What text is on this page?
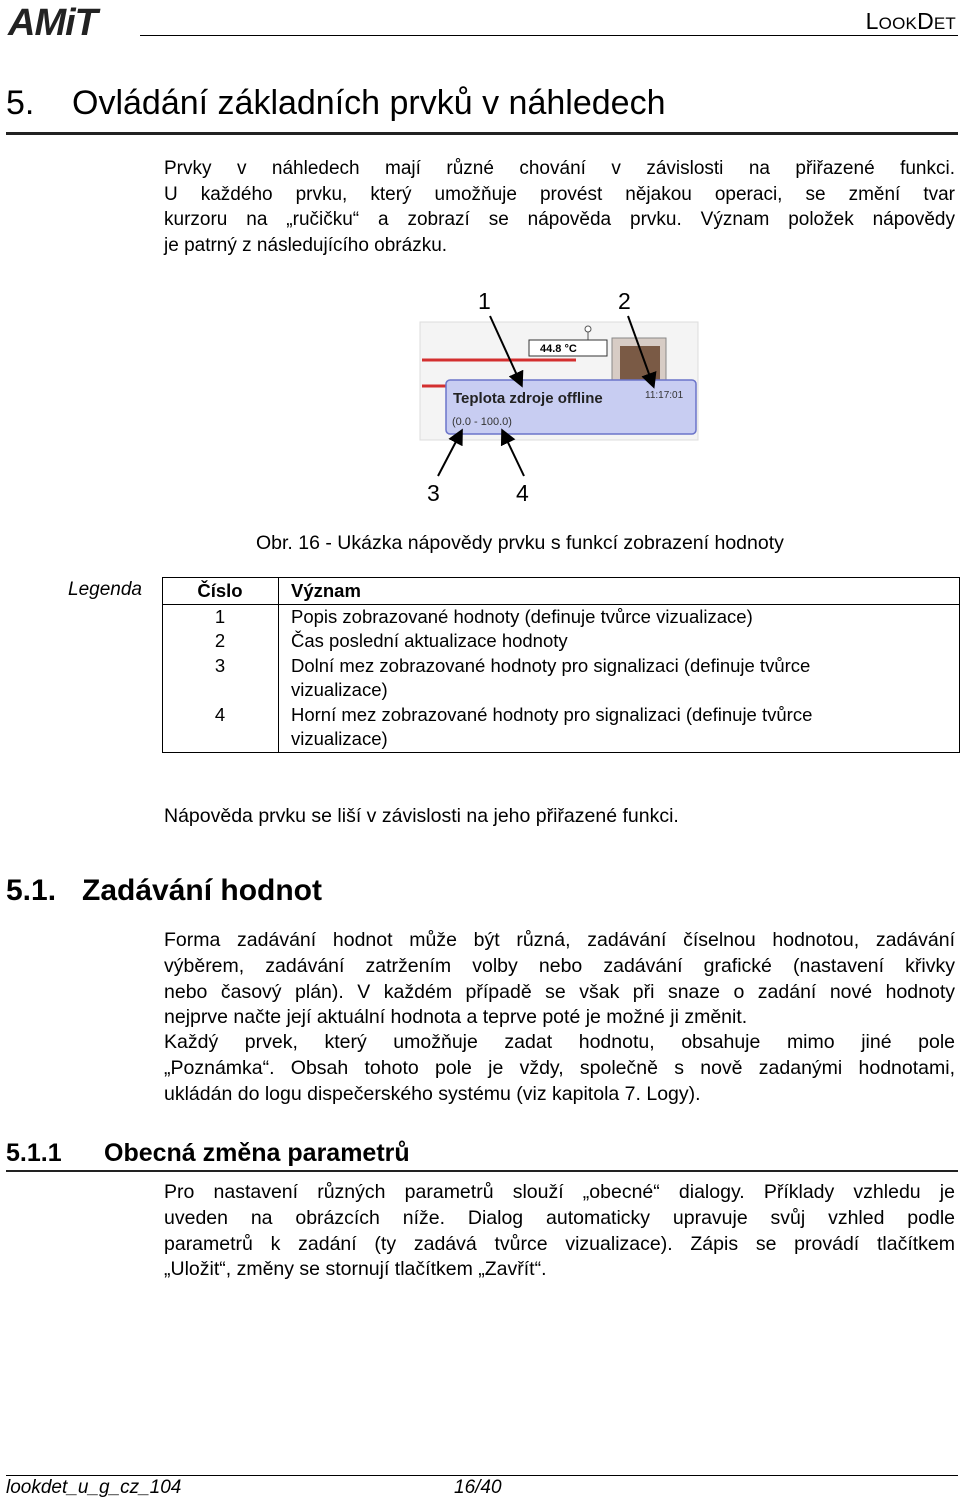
AMiT	LOOKDET
5. Ovládání základních prvků v náhledech
Prvky v náhledech mají různé chování v závislosti na přiřazené funkci.
U každého prvku, který umožňuje provést nějakou operaci, se změní tvar
kurzoru na „ručičku“ a zobrazí se nápověda prvku. Význam položek nápovědy
je patrný z následujícího obrázku.
44.8 °C
Teplota zdroje offline	11:17:01
(0.0 - 100.0)
1	2
3	4
Obr. 16 - Ukázka nápovědy prvku s funkcí zobrazení hodnoty
Legenda	Číslo	Význam
1	Popis zobrazované hodnoty (definuje tvůrce vizualizace)
2	Čas poslední aktualizace hodnoty
3	Dolní mez zobrazované hodnoty pro signalizaci (definuje tvůrce vizualizace)
4	Horní mez zobrazované hodnoty pro signalizaci (definuje tvůrce vizualizace)
Nápověda prvku se liší v závislosti na jeho přiřazené funkci.
5.1. Zadávání hodnot
Forma zadávání hodnot může být různá, zadávání číselnou hodnotou, zadávání
výběrem, zadávání zatržením volby nebo zadávání grafické (nastavení křivky
nebo časový plán). V každém případě se však při snaze o zadání nové hodnoty
nejprve načte její aktuální hodnota a teprve poté je možné ji změnit.
Každý prvek, který umožňuje zadat hodnotu, obsahuje mimo jiné pole
„Poznámka“. Obsah tohoto pole je vždy, společně s nově zadanými hodnotami,
ukládán do logu dispečerského systému (viz kapitola 7. Logy).
5.1.1 Obecná změna parametrů
Pro nastavení různých parametrů slouží „obecné“ dialogy. Příklady vzhledu je
uveden na obrázcích níže. Dialog automaticky upravuje svůj vzhled podle
parametrů k zadání (ty zadává tvůrce vizualizace). Zápis se provádí tlačítkem
„Uložit“, změny se stornují tlačítkem „Zavřít“.
lookdet_u_g_cz_104	16/40
